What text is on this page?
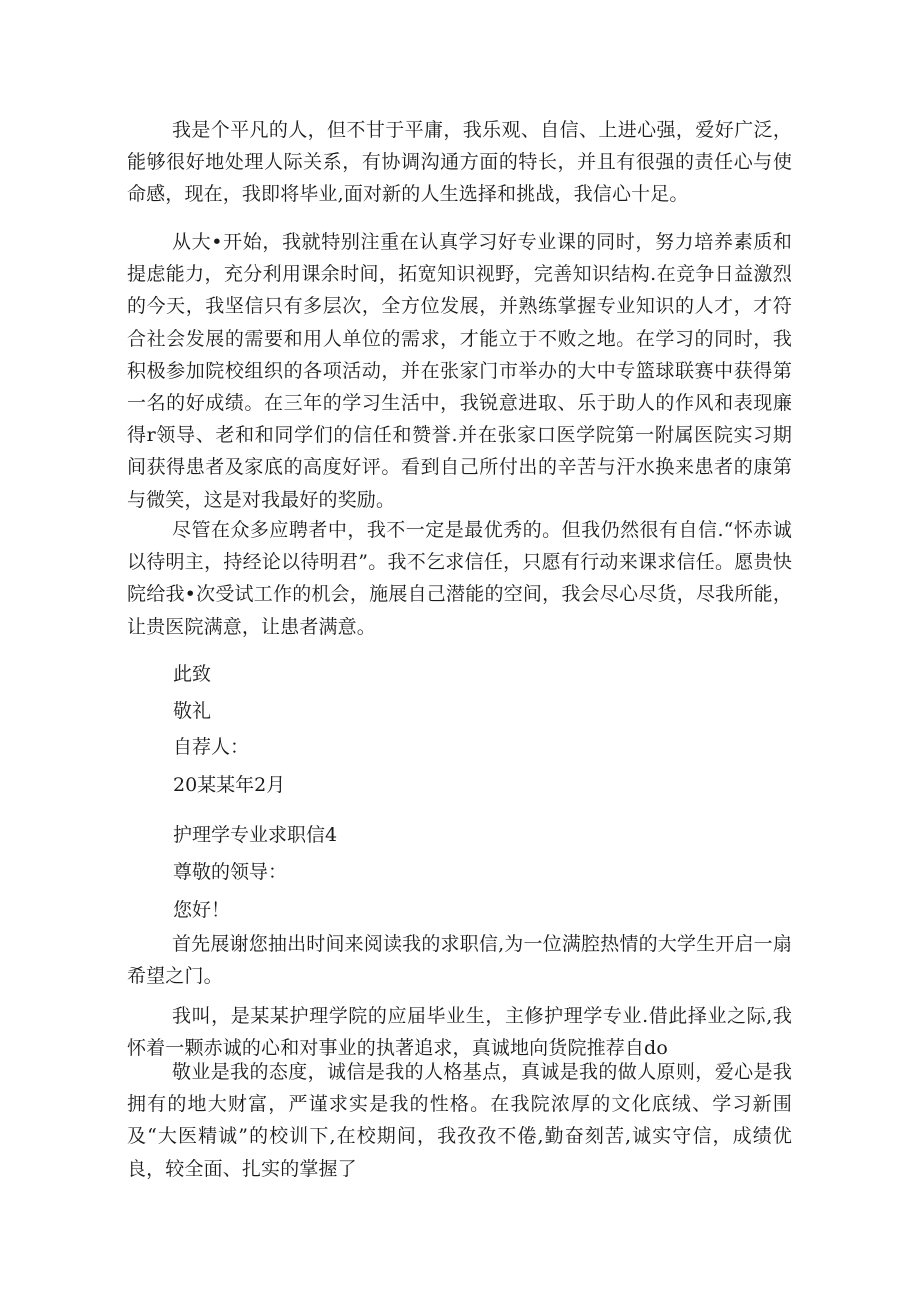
我是个平凡的人，但不甘于平庸，我乐观、自信、上进心强，爱好广泛，能够很好地处理人际关系，有协调沟通方面的特长，并且有很强的责任心与使命感，现在，我即将毕业,面对新的人生选择和挑战，我信心十足。

从大•开始，我就特别注重在认真学习好专业课的同时，努力培养素质和提虑能力，充分利用课余时间，拓宽知识视野，完善知识结构.在竞争日益激烈的今天，我坚信只有多层次，全方位发展，并熟练掌握专业知识的人才，才符合社会发展的需要和用人单位的需求，才能立于不败之地。在学习的同时，我积极参加院校组织的各项活动，并在张家门市举办的大中专篮球联赛中获得第一名的好成绩。在三年的学习生活中，我锐意进取、乐于助人的作风和表现廉得r领导、老和和同学们的信任和赞誉.并在张家口医学院第一附属医院实习期间获得患者及家底的高度好评。看到自己所付出的辛苦与汗水换来患者的康第与微笑，这是对我最好的奖励。

尽管在众多应聘者中，我不一定是最优秀的。但我仍然很有自信.“怀赤诚以待明主，持经论以待明君”。我不乞求信任，只愿有行动来课求信任。愿贵快院给我•次受试工作的机会，施展自己潜能的空间，我会尽心尽货，尽我所能，让贵医院满意，让患者满意。

此致

敬礼

自荐人：

20某某年2月

护理学专业求职信4

尊敬的领导：

您好！

首先展谢您抽出时间来阅读我的求职信,为一位满腔热情的大学生开启一扇希望之门。

我叫，是某某护理学院的应届毕业生，主修护理学专业.借此择业之际,我怀着一颗赤诚的心和对事业的执著追求，真诚地向货院推荐自do

敬业是我的态度，诚信是我的人格基点，真诚是我的做人原则，爱心是我拥有的地大财富，严谨求实是我的性格。在我院浓厚的文化底绒、学习新围及“大医精诚”的校训下,在校期间，我孜孜不倦,勤奋刻苦,诚实守信，成绩优良，较全面、扎实的掌握了
